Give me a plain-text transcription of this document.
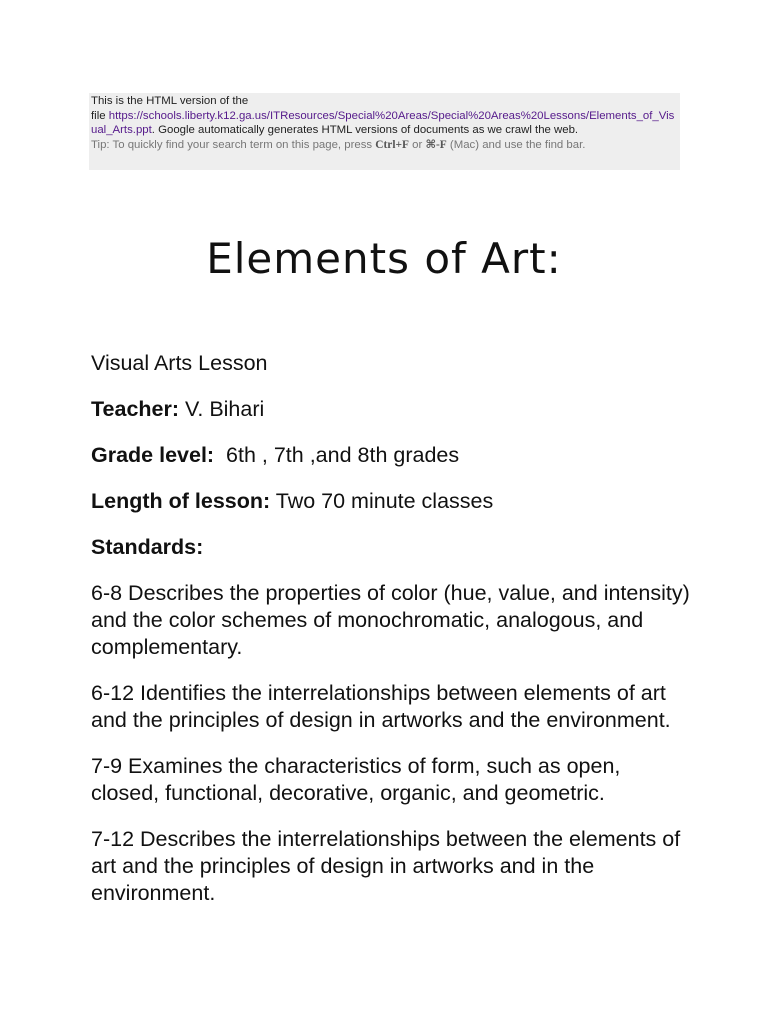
This is the HTML version of the
file https://schools.liberty.k12.ga.us/ITResources/Special%20Areas/Special%20Areas%20Lessons/Elements_of_Visual_Arts.ppt. Google automatically generates HTML versions of documents as we crawl the web.
Tip: To quickly find your search term on this page, press Ctrl+F or ⌘-F (Mac) and use the find bar.
Elements of Art:

Visual Arts Lesson

Teacher: V. Bihari

Grade level:  6th , 7th ,and 8th grades

Length of lesson: Two 70 minute classes

Standards:

6-8 Describes the properties of color (hue, value, and intensity) and the color schemes of monochromatic, analogous, and complementary.

6-12 Identifies the interrelationships between elements of art and the principles of design in artworks and the environment.

7-9 Examines the characteristics of form, such as open, closed, functional, decorative, organic, and geometric.

7-12 Describes the interrelationships between the elements of art and the principles of design in artworks and in the environment.
